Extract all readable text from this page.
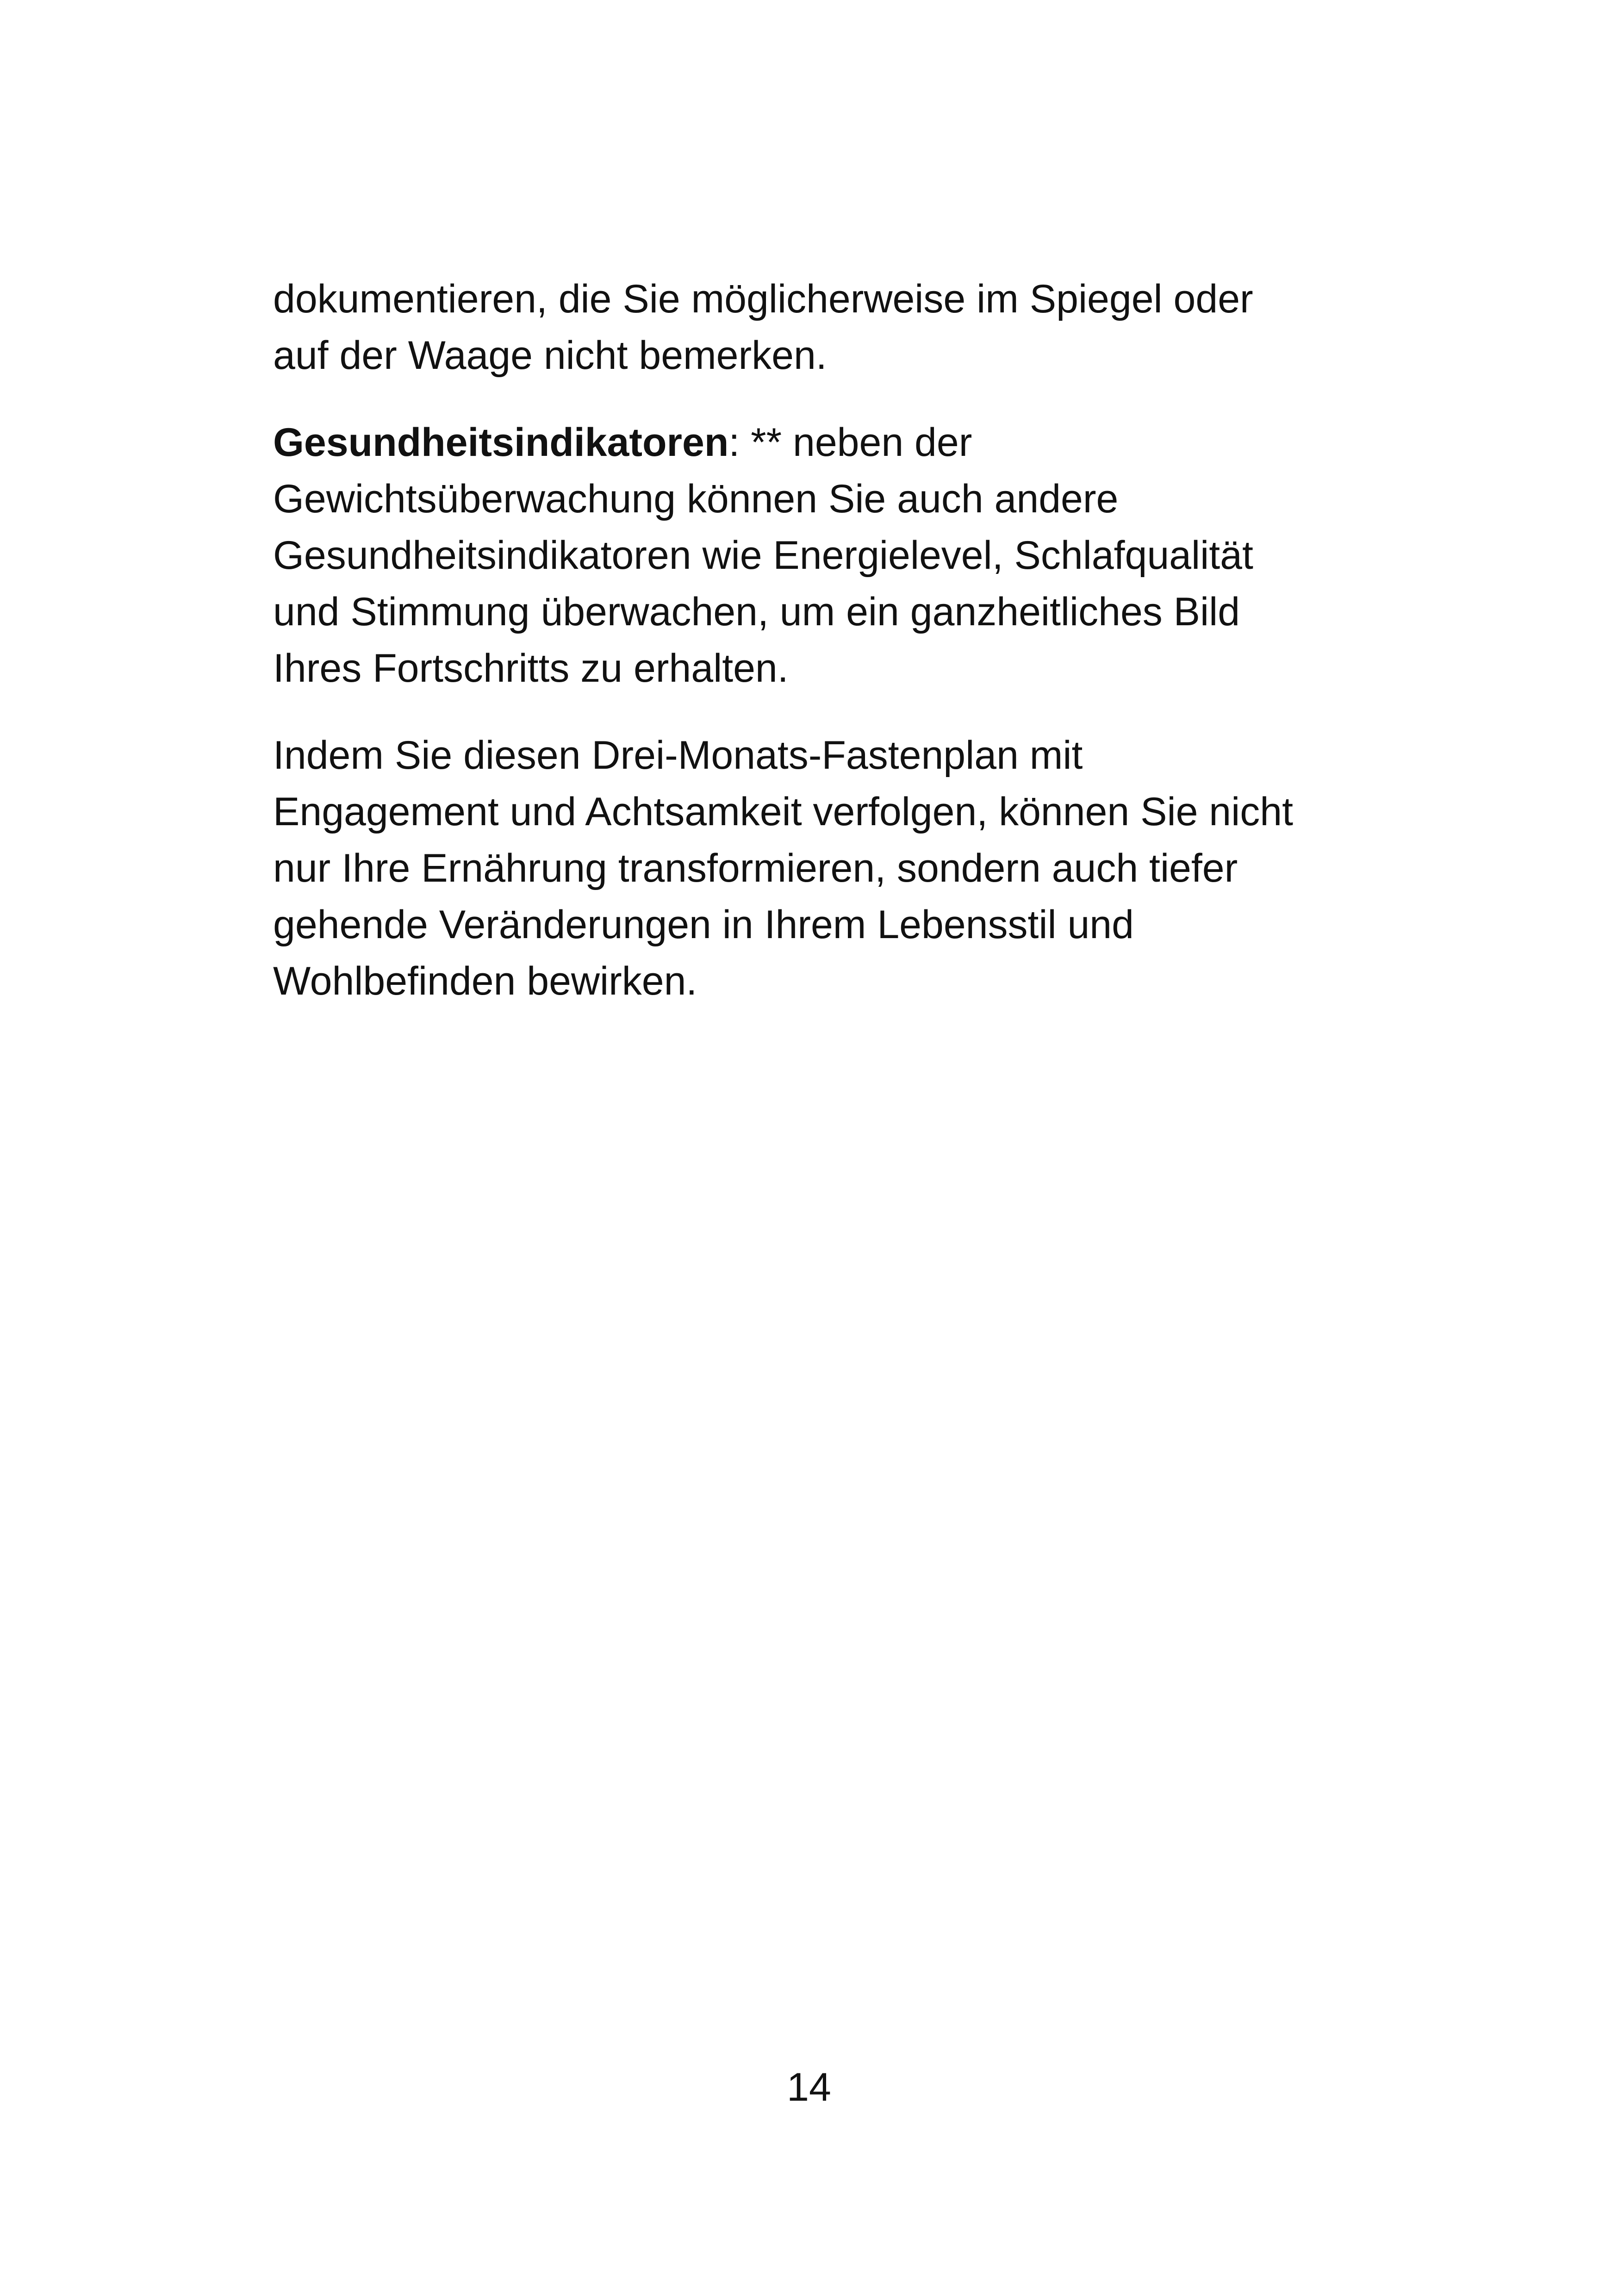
dokumentieren, die Sie möglicherweise im Spiegel oder
auf der Waage nicht bemerken.

Gesundheitsindikatoren: ** neben der
Gewichtsüberwachung können Sie auch andere
Gesundheitsindikatoren wie Energielevel, Schlafqualität
und Stimmung überwachen, um ein ganzheitliches Bild
Ihres Fortschritts zu erhalten.

Indem Sie diesen Drei-Monats-Fastenplan mit
Engagement und Achtsamkeit verfolgen, können Sie nicht
nur Ihre Ernährung transformieren, sondern auch tiefer
gehende Veränderungen in Ihrem Lebensstil und
Wohlbefinden bewirken.

14
